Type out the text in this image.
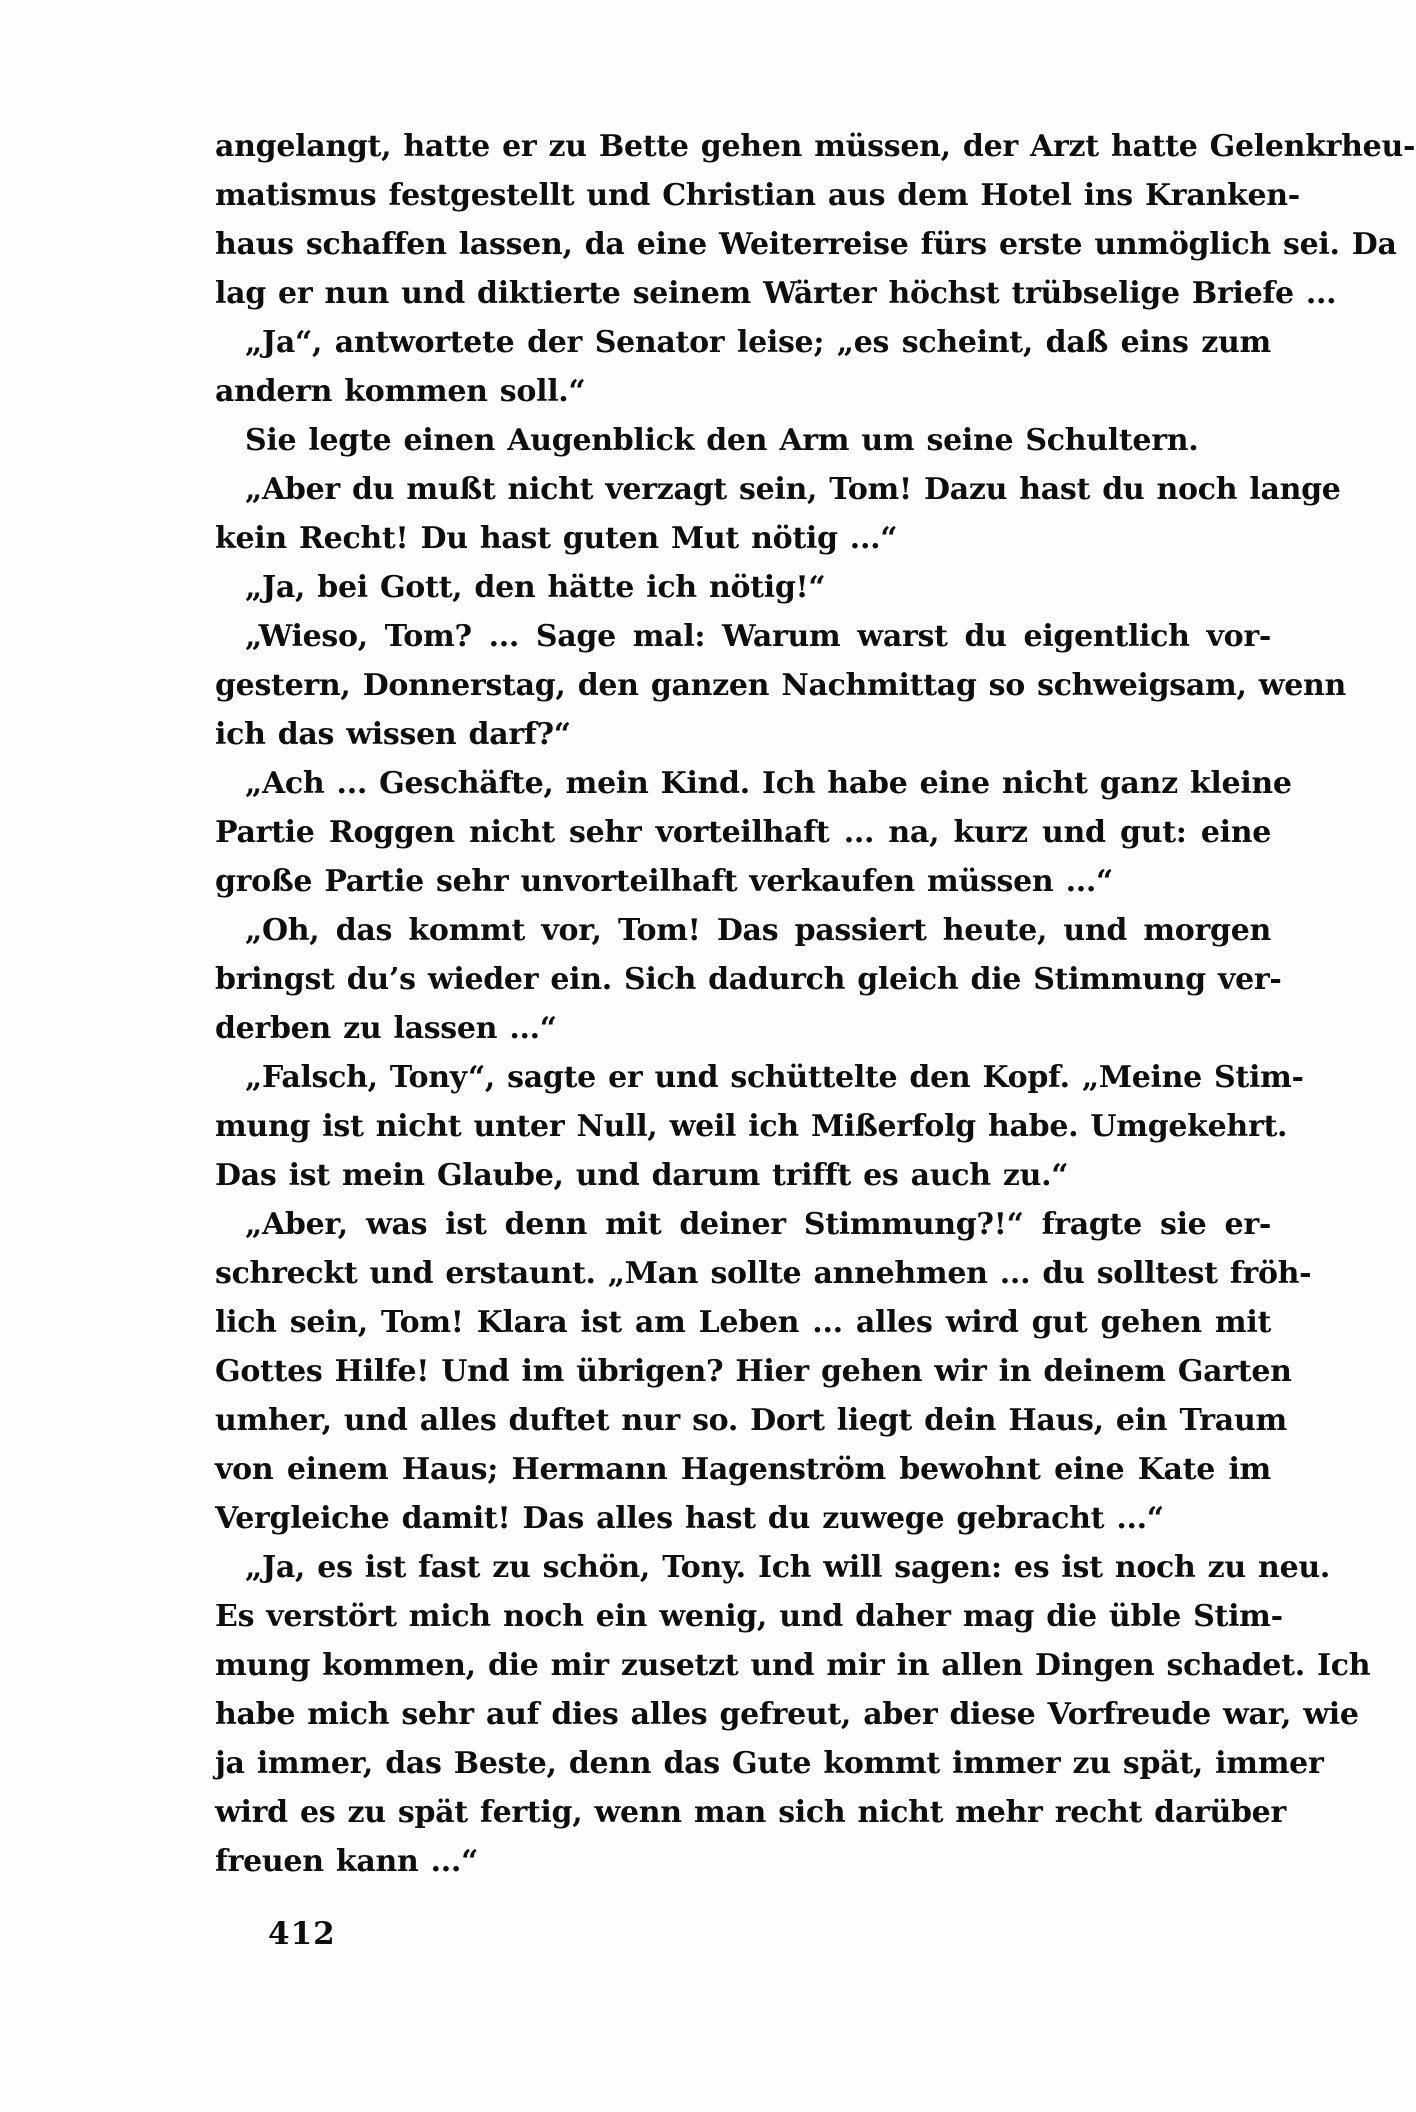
angelangt, hatte er zu Bette gehen müssen, der Arzt hatte Gelenkrheu-
matismus festgestellt und Christian aus dem Hotel ins Kranken-
haus schaffen lassen, da eine Weiterreise fürs erste unmöglich sei. Da
lag er nun und diktierte seinem Wärter höchst trübselige Briefe ...
„Ja“, antwortete der Senator leise; „es scheint, daß eins zum
andern kommen soll.“
Sie legte einen Augenblick den Arm um seine Schultern.
„Aber du mußt nicht verzagt sein, Tom! Dazu hast du noch lange
kein Recht! Du hast guten Mut nötig ...“
„Ja, bei Gott, den hätte ich nötig!“
„Wieso, Tom? ... Sage mal: Warum warst du eigentlich vor-
gestern, Donnerstag, den ganzen Nachmittag so schweigsam, wenn
ich das wissen darf?“
„Ach ... Geschäfte, mein Kind. Ich habe eine nicht ganz kleine
Partie Roggen nicht sehr vorteilhaft ... na, kurz und gut: eine
große Partie sehr unvorteilhaft verkaufen müssen ...“
„Oh, das kommt vor, Tom! Das passiert heute, und morgen
bringst du’s wieder ein. Sich dadurch gleich die Stimmung ver-
derben zu lassen ...“
„Falsch, Tony“, sagte er und schüttelte den Kopf. „Meine Stim-
mung ist nicht unter Null, weil ich Mißerfolg habe. Umgekehrt.
Das ist mein Glaube, und darum trifft es auch zu.“
„Aber, was ist denn mit deiner Stimmung?!“ fragte sie er-
schreckt und erstaunt. „Man sollte annehmen ... du solltest fröh-
lich sein, Tom! Klara ist am Leben ... alles wird gut gehen mit
Gottes Hilfe! Und im übrigen? Hier gehen wir in deinem Garten
umher, und alles duftet nur so. Dort liegt dein Haus, ein Traum
von einem Haus; Hermann Hagenström bewohnt eine Kate im
Vergleiche damit! Das alles hast du zuwege gebracht ...“
„Ja, es ist fast zu schön, Tony. Ich will sagen: es ist noch zu neu.
Es verstört mich noch ein wenig, und daher mag die üble Stim-
mung kommen, die mir zusetzt und mir in allen Dingen schadet. Ich
habe mich sehr auf dies alles gefreut, aber diese Vorfreude war, wie
ja immer, das Beste, denn das Gute kommt immer zu spät, immer
wird es zu spät fertig, wenn man sich nicht mehr recht darüber
freuen kann ...“
412
